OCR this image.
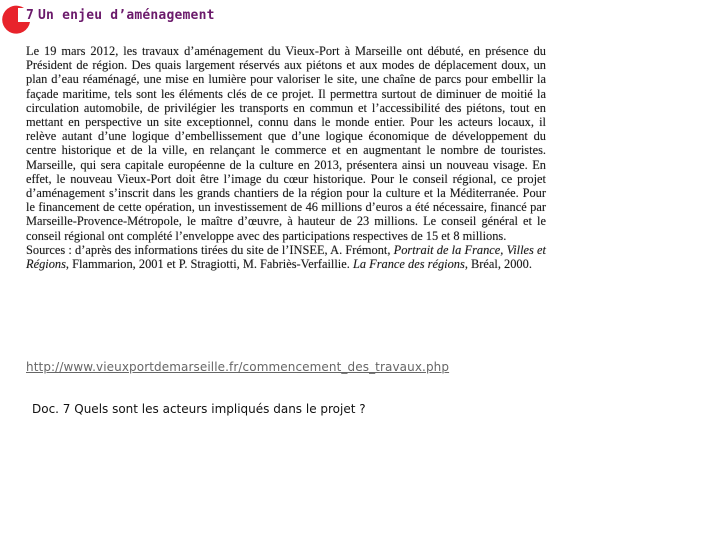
7 Un enjeu d’aménagement

Le 19 mars 2012, les travaux d’aménagement du Vieux-Port à Marseille ont débuté, en présence du Président de région. Des quais largement réservés aux piétons et aux modes de déplacement doux, un plan d’eau réaménagé, une mise en lumière pour valoriser le site, une chaîne de parcs pour embellir la façade maritime, tels sont les éléments clés de ce projet. Il permettra surtout de diminuer de moitié la circulation automobile, de privilégier les transports en commun et l’accessibilité des piétons, tout en mettant en perspective un site exceptionnel, connu dans le monde entier. Pour les acteurs locaux, il relève autant d’une logique d’embellissement que d’une logique économique de développement du centre historique et de la ville, en relançant le commerce et en augmentant le nombre de touristes. Marseille, qui sera capitale européenne de la culture en 2013, présentera ainsi un nouveau visage. En effet, le nouveau Vieux-Port doit être l’image du cœur historique. Pour le conseil régional, ce projet d’aménagement s’inscrit dans les grands chantiers de la région pour la culture et la Méditerranée. Pour le financement de cette opération, un investissement de 46 millions d’euros a été nécessaire, financé par Marseille-Provence-Métropole, le maître d’œuvre, à hauteur de 23 millions. Le conseil général et le conseil régional ont complété l’enveloppe avec des participations respectives de 15 et 8 millions.
Sources : d’après des informations tirées du site de l’INSEE, A. Frémont, Portrait de la France, Villes et Régions, Flammarion, 2001 et P. Stragiotti, M. Fabriès-Verfaillie. La France des régions, Bréal, 2000.

http://www.vieuxportdemarseille.fr/commencement_des_travaux.php
Doc. 7 Quels sont les acteurs impliqués dans le projet ?
